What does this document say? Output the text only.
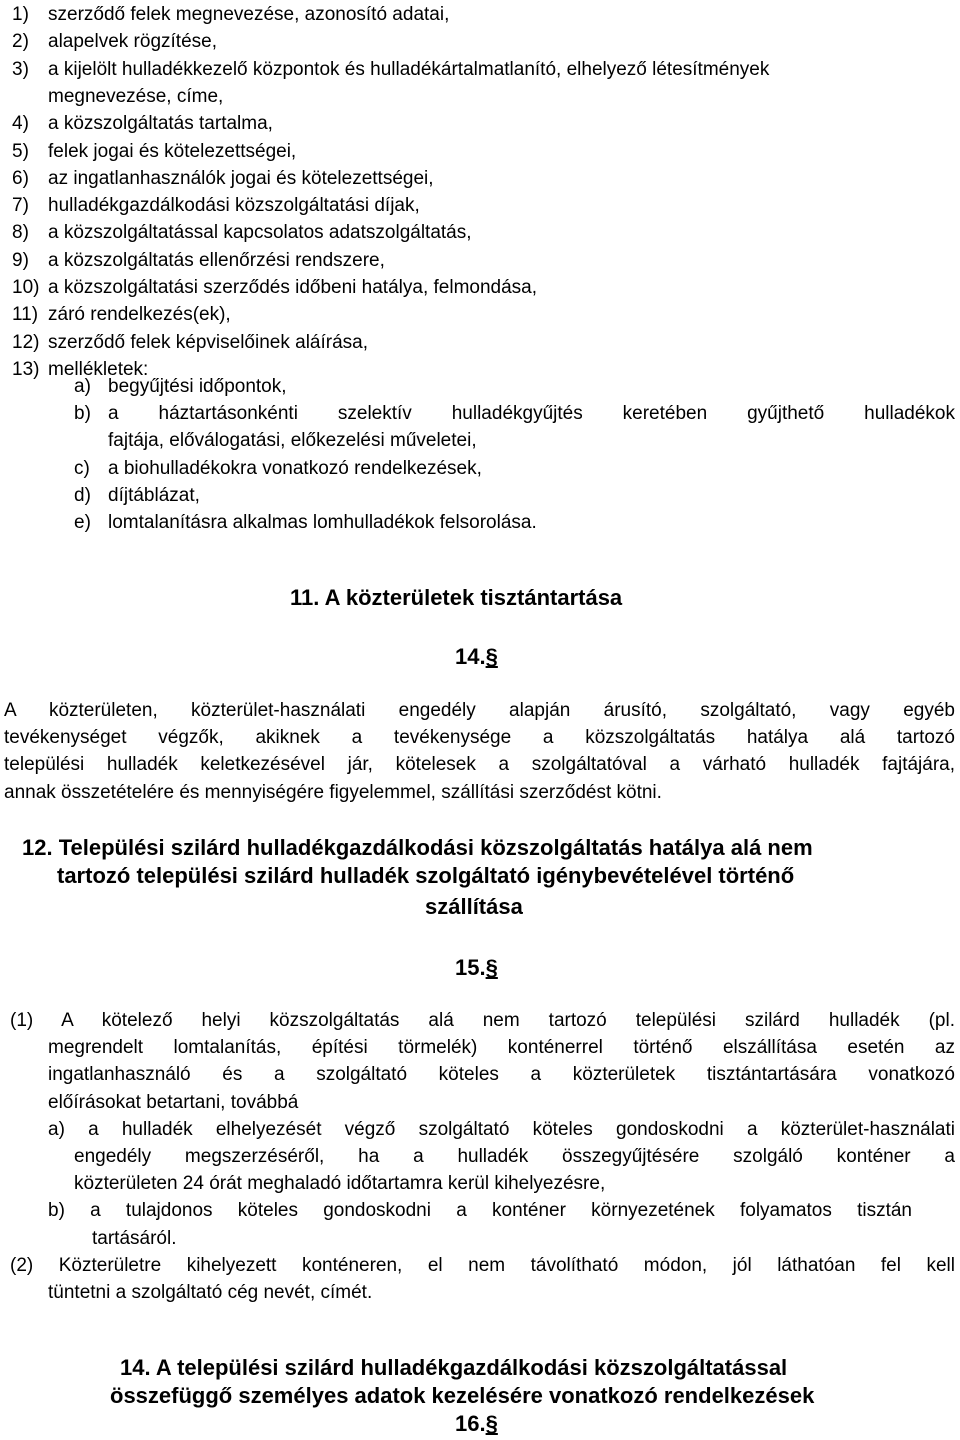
1) szerződő felek megnevezése, azonosító adatai,
2) alapelvek rögzítése,
3) a kijelölt hulladékkezelő központok és hulladékártalmatlanító, elhelyező létesítmények
megnevezése, címe,
4) a közszolgáltatás tartalma,
5) felek jogai és kötelezettségei,
6) az ingatlanhasználók jogai és kötelezettségei,
7) hulladékgazdálkodási közszolgáltatási díjak,
8) a közszolgáltatással kapcsolatos adatszolgáltatás,
9) a közszolgáltatás ellenőrzési rendszere,
10) a közszolgáltatási szerződés időbeni hatálya, felmondása,
11) záró rendelkezés(ek),
12) szerződő felek képviselőinek aláírása,
13) mellékletek:
a) begyűjtési időpontok,
b) a háztartásonkénti szelektív hulladékgyűjtés keretében gyűjthető hulladékok
fajtája, előválogatási, előkezelési műveletei,
c) a biohulladékokra vonatkozó rendelkezések,
d) díjtáblázat,
e) lomtalanításra alkalmas lomhulladékok felsorolása.
11. A közterületek tisztántartása
14.§
A közterületen, közterület-használati engedély alapján árusító, szolgáltató, vagy egyéb
tevékenységet végzők, akiknek a tevékenysége a közszolgáltatás hatálya alá tartozó
települési hulladék keletkezésével jár, kötelesek a szolgáltatóval a várható hulladék fajtájára,
annak összetételére és mennyiségére figyelemmel, szállítási szerződést kötni.
12. Települési szilárd hulladékgazdálkodási közszolgáltatás hatálya alá nem
tartozó települési szilárd hulladék szolgáltató igénybevételével történő
szállítása
15.§
(1) A kötelező helyi közszolgáltatás alá nem tartozó települési szilárd hulladék (pl.
megrendelt lomtalanítás, építési törmelék) konténerrel történő elszállítása esetén az
ingatlanhasználó és a szolgáltató köteles a közterületek tisztántartására vonatkozó
előírásokat betartani, továbbá
a) a hulladék elhelyezését végző szolgáltató köteles gondoskodni a közterület-használati
engedély megszerzéséről, ha a hulladék összegyűjtésére szolgáló konténer a
közterületen 24 órát meghaladó időtartamra kerül kihelyezésre,
b) a tulajdonos köteles gondoskodni a konténer környezetének folyamatos tisztán
tartásáról.
(2) Közterületre kihelyezett konténeren, el nem távolítható módon, jól láthatóan fel kell
tüntetni a szolgáltató cég nevét, címét.
14. A települési szilárd hulladékgazdálkodási közszolgáltatással
összefüggő személyes adatok kezelésére vonatkozó rendelkezések
16.§
